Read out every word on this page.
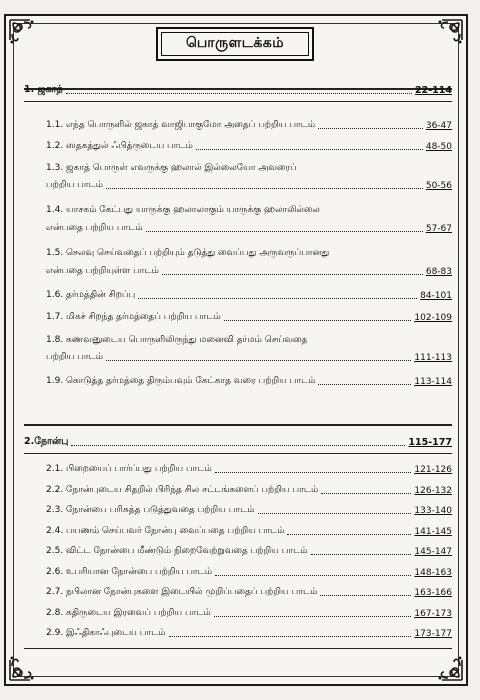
பொருளடக்கம்
1. ஜகாத்	22-114
1.1. எந்த பொருளில் ஜகாத் வாஜிபாகுமோ அதைப் பற்றிய பாடம்	36-47
1.2. ஸதகத்துல் ஃபித்ருடைய பாடம்	48-50
1.3. ஜகாத் பொருள் எவருக்கு ஹலால் இல்லையோ அவரைப்
பற்றிய பாடம்	50-56
1.4. யாசகம் கேட்பது யாருக்கு ஹலாலாகும் யாருக்கு ஹலாலில்லை
என்பதை பற்றிய பாடம்	57-67
1.5. செலவு செய்வதைப் பற்றியும் தடுத்து வைப்பது அருவருப்பானது
என்பதை பற்றியுள்ள பாடம்	68-83
1.6. தர்மத்தின் சிறப்பு	84-101
1.7. மிகச் சிறந்த தர்மத்தைப் பற்றிய பாடம்	102-109
1.8. கணவனுடைய பொருளிலிருந்து மனைவி தர்மம் செய்வதை
பற்றிய பாடம்	111-113
1.9. கொடுத்த தர்மத்தை திரும்பவும் கேட்காத வரை பற்றிய பாடம்	113-114
2.நோன்பு	115-177
2.1. பிறையைப் பார்ப்பது பற்றிய பாடம்	121-126
2.2. நோன்புடைய சிதறில் பிரிந்த சில சட்டங்களைப் பற்றிய பாடம்	126-132
2.3. நோன்பை பரிசுத்த படுத்துவதை பற்றிய பாடம்	133-140
2.4. பயணம் செய்பவர் நோன்பு வைப்பதை பற்றிய பாடம்	141-145
2.5. விட்ட நோன்பை மீண்டும் நிறைவேற்றுவதை பற்றிய பாடம்	145-147
2.6. உபரியான நோன்பை பற்றிய பாடம்	148-163
2.7. நபிலான நோன்புகளை இடையில் முறிப்பதைப் பற்றிய பாடம்	163-166
2.8. கதிருடைய இரவைப் பற்றிய பாடம்	167-173
2.9. இஃதிகாஃபுடைய பாடம்	173-177
